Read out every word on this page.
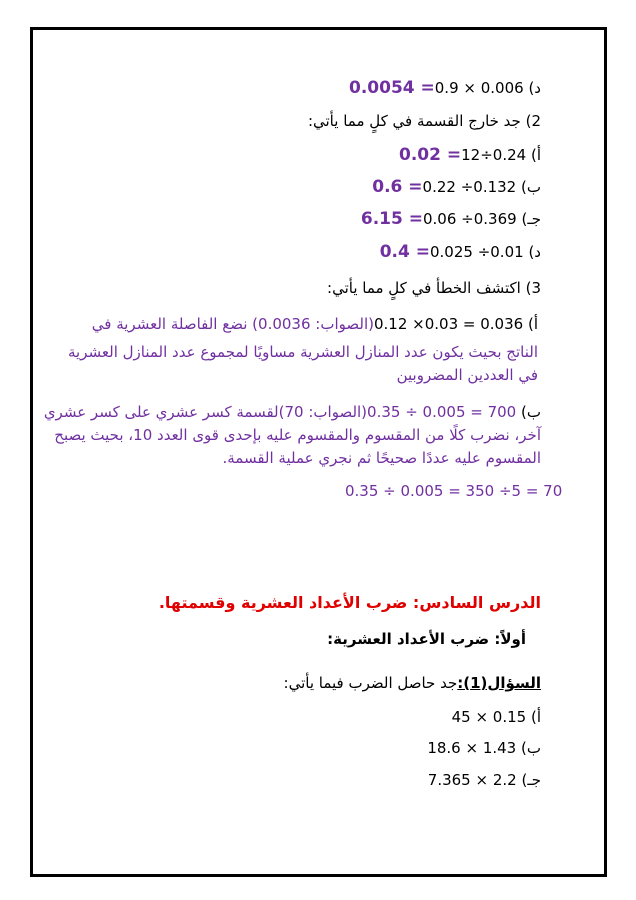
د) 0.9 × 0.0060.0054 =
2) جد خارج القسمة في كلٍ مما يأتي:
أ) 12÷0.240.02 =
ب) 0.22 ÷0.1320.6 =
جـ) 0.06 ÷0.3696.15 =
د) 0.025 ÷0.010.4 =
3) اكتشف الخطأ في كلٍ مما يأتي:
أ) 0.12 ×0.03 = 0.036(الصواب: 0.0036) نضع الفاصلة العشرية في
الناتج بحيث يكون عدد المنازل العشرية مساويًا لمجموع عدد المنازل العشرية
في العددين المضروبين
ب) 0.35 ÷ 0.005 = 700(الصواب: 70)لقسمة كسر عشري على كسر عشري
آخر، نضرب كلًا من المقسوم والمقسوم عليه بإحدى قوى العدد 10، بحيث يصبح
المقسوم عليه عددًا صحيحًا ثم نجري عملية القسمة.
0.35 ÷ 0.005 = 350 ÷5 = 70
الدرس السادس: ضرب الأعداد العشرية وقسمتها.
أولاً: ضرب الأعداد العشرية:
السؤال(1):جد حاصل الضرب فيما يأتي:
أ) 45 × 0.15
ب) 18.6 × 1.43
جـ) 7.365 × 2.2
